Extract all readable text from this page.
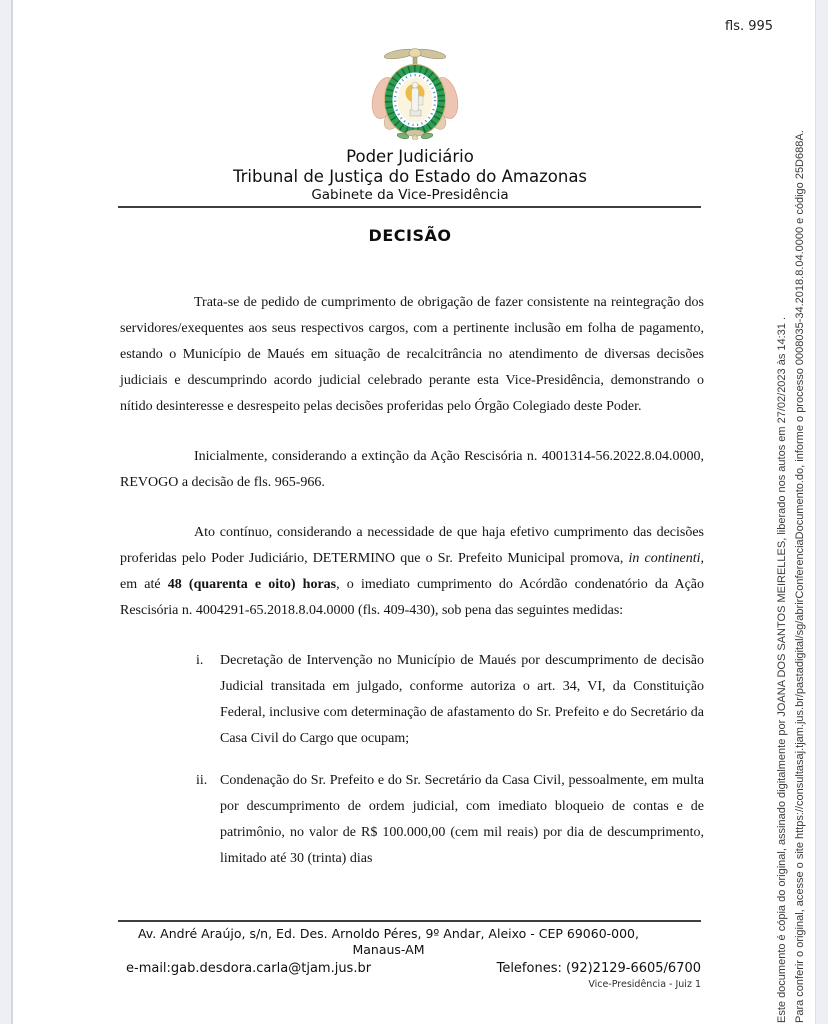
fls. 995
Poder Judiciário
Tribunal de Justiça do Estado do Amazonas
Gabinete da Vice-Presidência
DECISÃO

Trata-se de pedido de cumprimento de obrigação de fazer consistente na reintegração dos servidores/exequentes aos seus respectivos cargos, com a pertinente inclusão em folha de pagamento, estando o Município de Maués em situação de recalcitrância no atendimento de diversas decisões judiciais e descumprindo acordo judicial celebrado perante esta Vice-Presidência, demonstrando o nítido desinteresse e desrespeito pelas decisões proferidas pelo Órgão Colegiado deste Poder.

Inicialmente, considerando a extinção da Ação Rescisória n. 4001314-56.2022.8.04.0000, REVOGO a decisão de fls. 965-966.

Ato contínuo, considerando a necessidade de que haja efetivo cumprimento das decisões proferidas pelo Poder Judiciário, DETERMINO que o Sr. Prefeito Municipal promova, in continenti, em até 48 (quarenta e oito) horas, o imediato cumprimento do Acórdão condenatório da Ação Rescisória n. 4004291-65.2018.8.04.0000 (fls. 409-430), sob pena das seguintes medidas:

i. Decretação de Intervenção no Município de Maués por descumprimento de decisão Judicial transitada em julgado, conforme autoriza o art. 34, VI, da Constituição Federal, inclusive com determinação de afastamento do Sr. Prefeito e do Secretário da Casa Civil do Cargo que ocupam;

ii. Condenação do Sr. Prefeito e do Sr. Secretário da Casa Civil, pessoalmente, em multa por descumprimento de ordem judicial, com imediato bloqueio de contas e de patrimônio, no valor de R$ 100.000,00 (cem mil reais) por dia de descumprimento, limitado até 30 (trinta) dias

Av. André Araújo, s/n, Ed. Des. Arnoldo Péres, 9º Andar, Aleixo - CEP 69060-000,
Manaus-AM
e-mail:gab.desdora.carla@tjam.jus.br	Telefones: (92)2129-6605/6700
Vice-Presidência - Juiz 1	Este documento é cópia do original, assinado digitalmente por JOANA DOS SANTOS MEIRELLES, liberado nos autos em 27/02/2023 às 14:31 . Para conferir o original, acesse o site https://consultasaj.tjam.jus.br/pastadigital/sg/abrirConferenciaDocumento.do, informe o processo 0008035-34.2018.8.04.0000 e código 25D688A.
